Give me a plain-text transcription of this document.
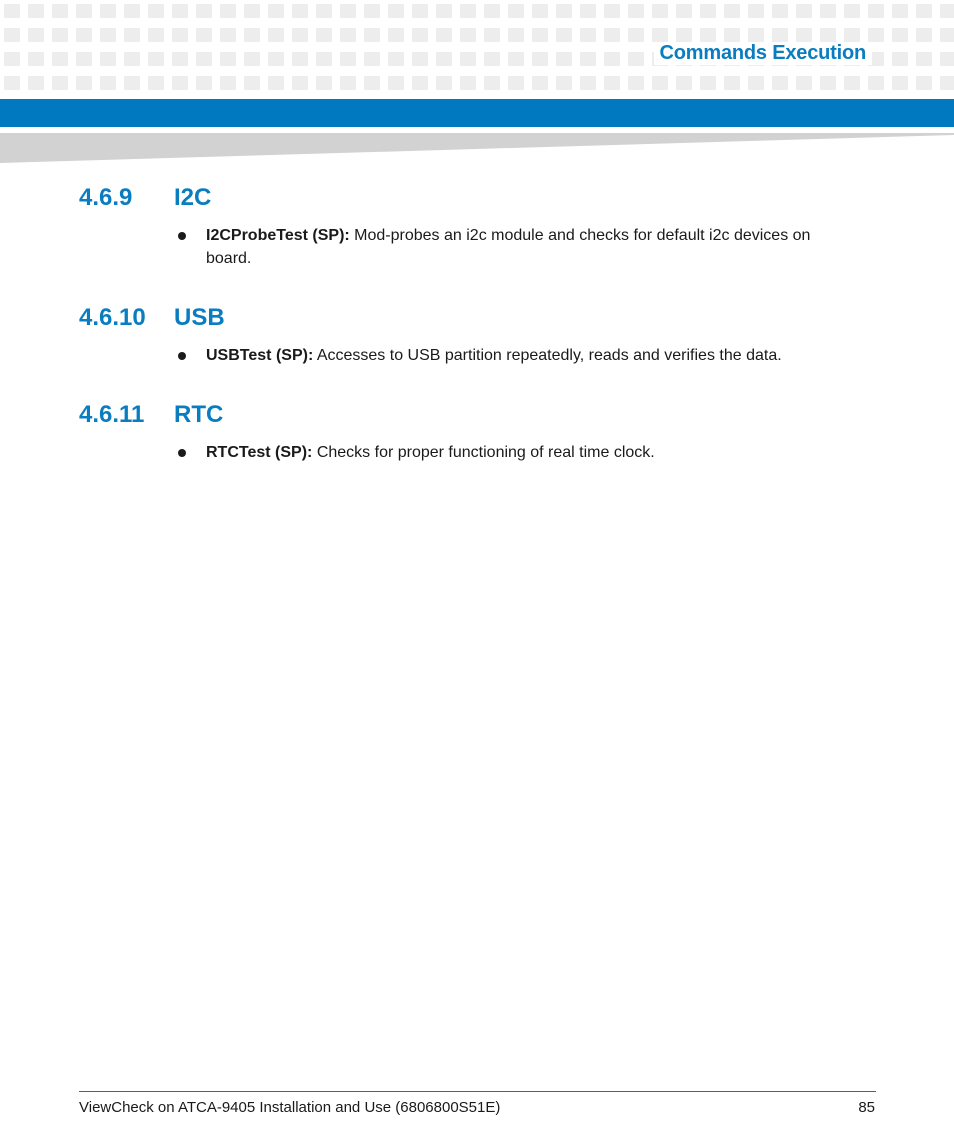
Commands Execution
4.6.9 I2C
I2CProbeTest (SP): Mod-probes an i2c module and checks for default i2c devices on board.
4.6.10 USB
USBTest (SP): Accesses to USB partition repeatedly, reads and verifies the data.
4.6.11 RTC
RTCTest (SP): Checks for proper functioning of real time clock.
ViewCheck on ATCA-9405 Installation and Use (6806800S51E)	85
